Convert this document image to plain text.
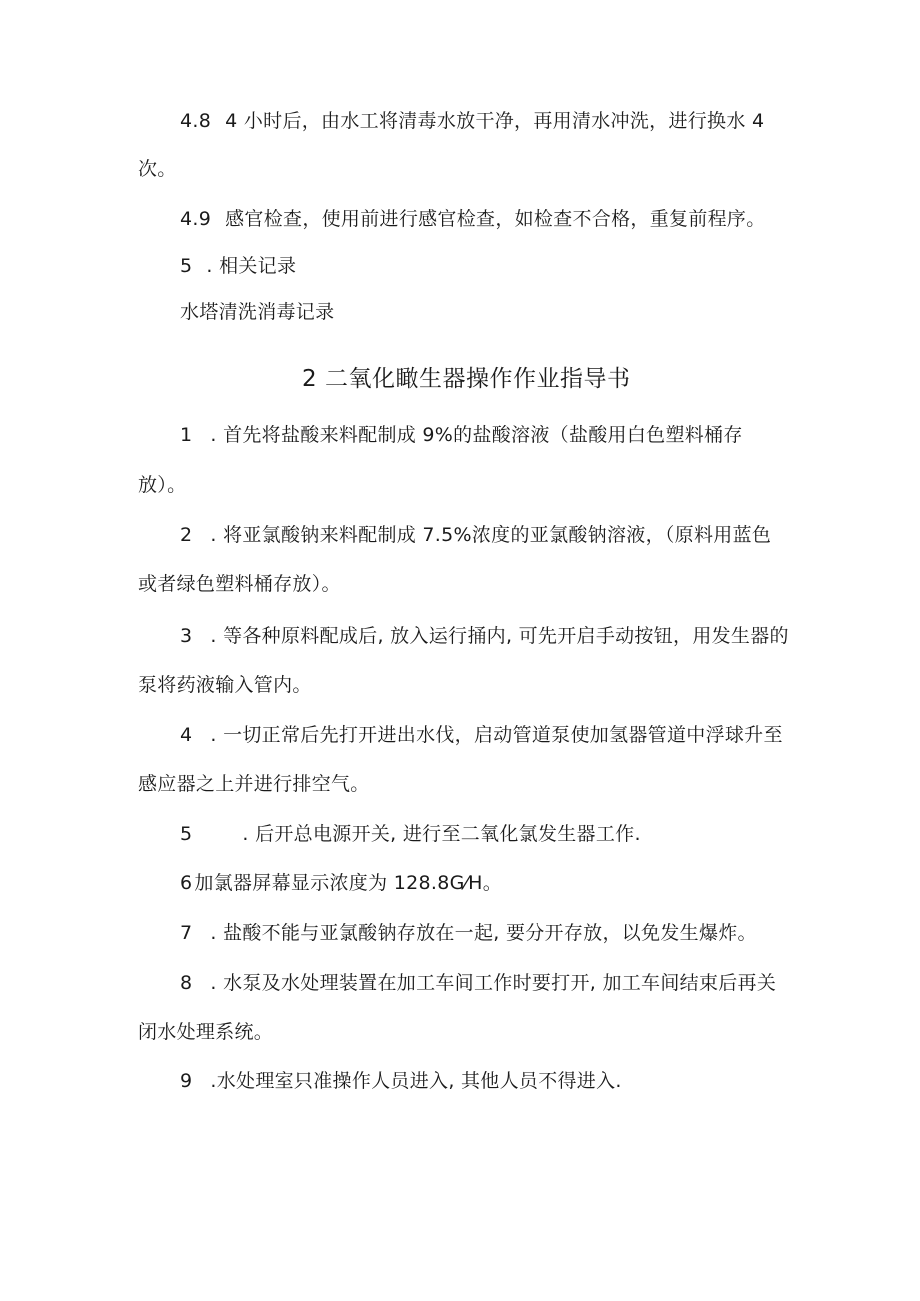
4.8 4 小时后，由水工将清毒水放干净，再用清水冲洗，进行换水 4
次。
4.9 感官检查，使用前进行感官检查，如检查不合格，重复前程序。
5 . 相关记录
水塔清洗消毒记录
2 二氧化瞰生器操作作业指导书
1 . 首先将盐酸来料配制成 9%的盐酸溶液（盐酸用白色塑料桶存
放）。
2 . 将亚氯酸钠来料配制成 7.5%浓度的亚氯酸钠溶液，（原料用蓝色
或者绿色塑料桶存放）。
3 . 等各种原料配成后, 放入运行捅内, 可先开启手动按钮，用发生器的
泵将药液输入管内。
4 . 一切正常后先打开进出水伐，启动管道泵使加氢器管道中浮球升至
感应器之上并进行排空气。
5	. 后开总电源开关, 进行至二氧化氯发生器工作.
6 加氯器屏幕显示浓度为 128.8G⁄H。
7 . 盐酸不能与亚氯酸钠存放在一起, 要分开存放，以免发生爆炸。
8 . 水泵及水处理装置在加工车间工作时要打开, 加工车间结束后再关
闭水处理系统。
9 .水处理室只准操作人员进入, 其他人员不得进入.
